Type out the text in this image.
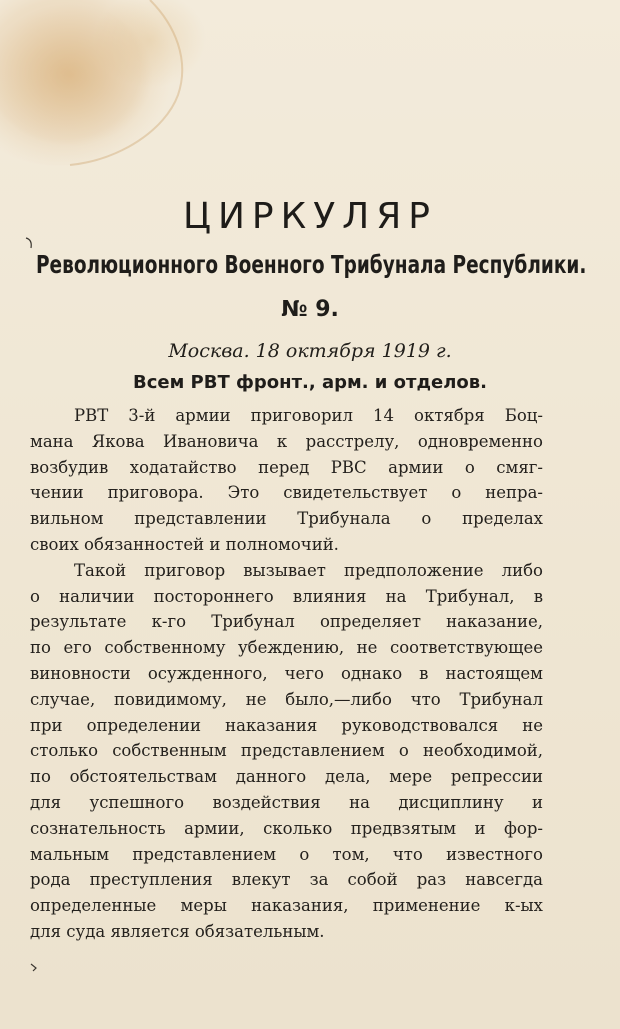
ЦИРКУЛЯР
Революционного Военного Трибунала Республики.
№ 9.
Москва. 18 октября 1919 г.
Всем РВТ фронт., арм. и отделов.
РВТ 3-й армии приговорил 14 октября Боц-
мана Якова Ивановича к расстрелу, одновременно
возбудив ходатайство перед РВС армии о смяг-
чении приговора. Это свидетельствует о непра-
вильном представлении Трибунала о пределах
своих обязанностей и полномочий.
Такой приговор вызывает предположение либо
о наличии постороннего влияния на Трибунал, в
результате к-го Трибунал определяет наказание,
по его собственному убеждению, не соответствующее
виновности осужденного, чего однако в настоящем
случае, повидимому, не было,—либо что Трибунал
при определении наказания руководствовался не
столько собственным представлением о необходимой,
по обстоятельствам данного дела, мере репрессии
для успешного воздействия на дисциплину и
сознательность армии, сколько предвзятым и фор-
мальным представлением о том, что известного
рода преступления влекут за собой раз навсегда
определенные меры наказания, применение к-ых
для суда является обязательным.
